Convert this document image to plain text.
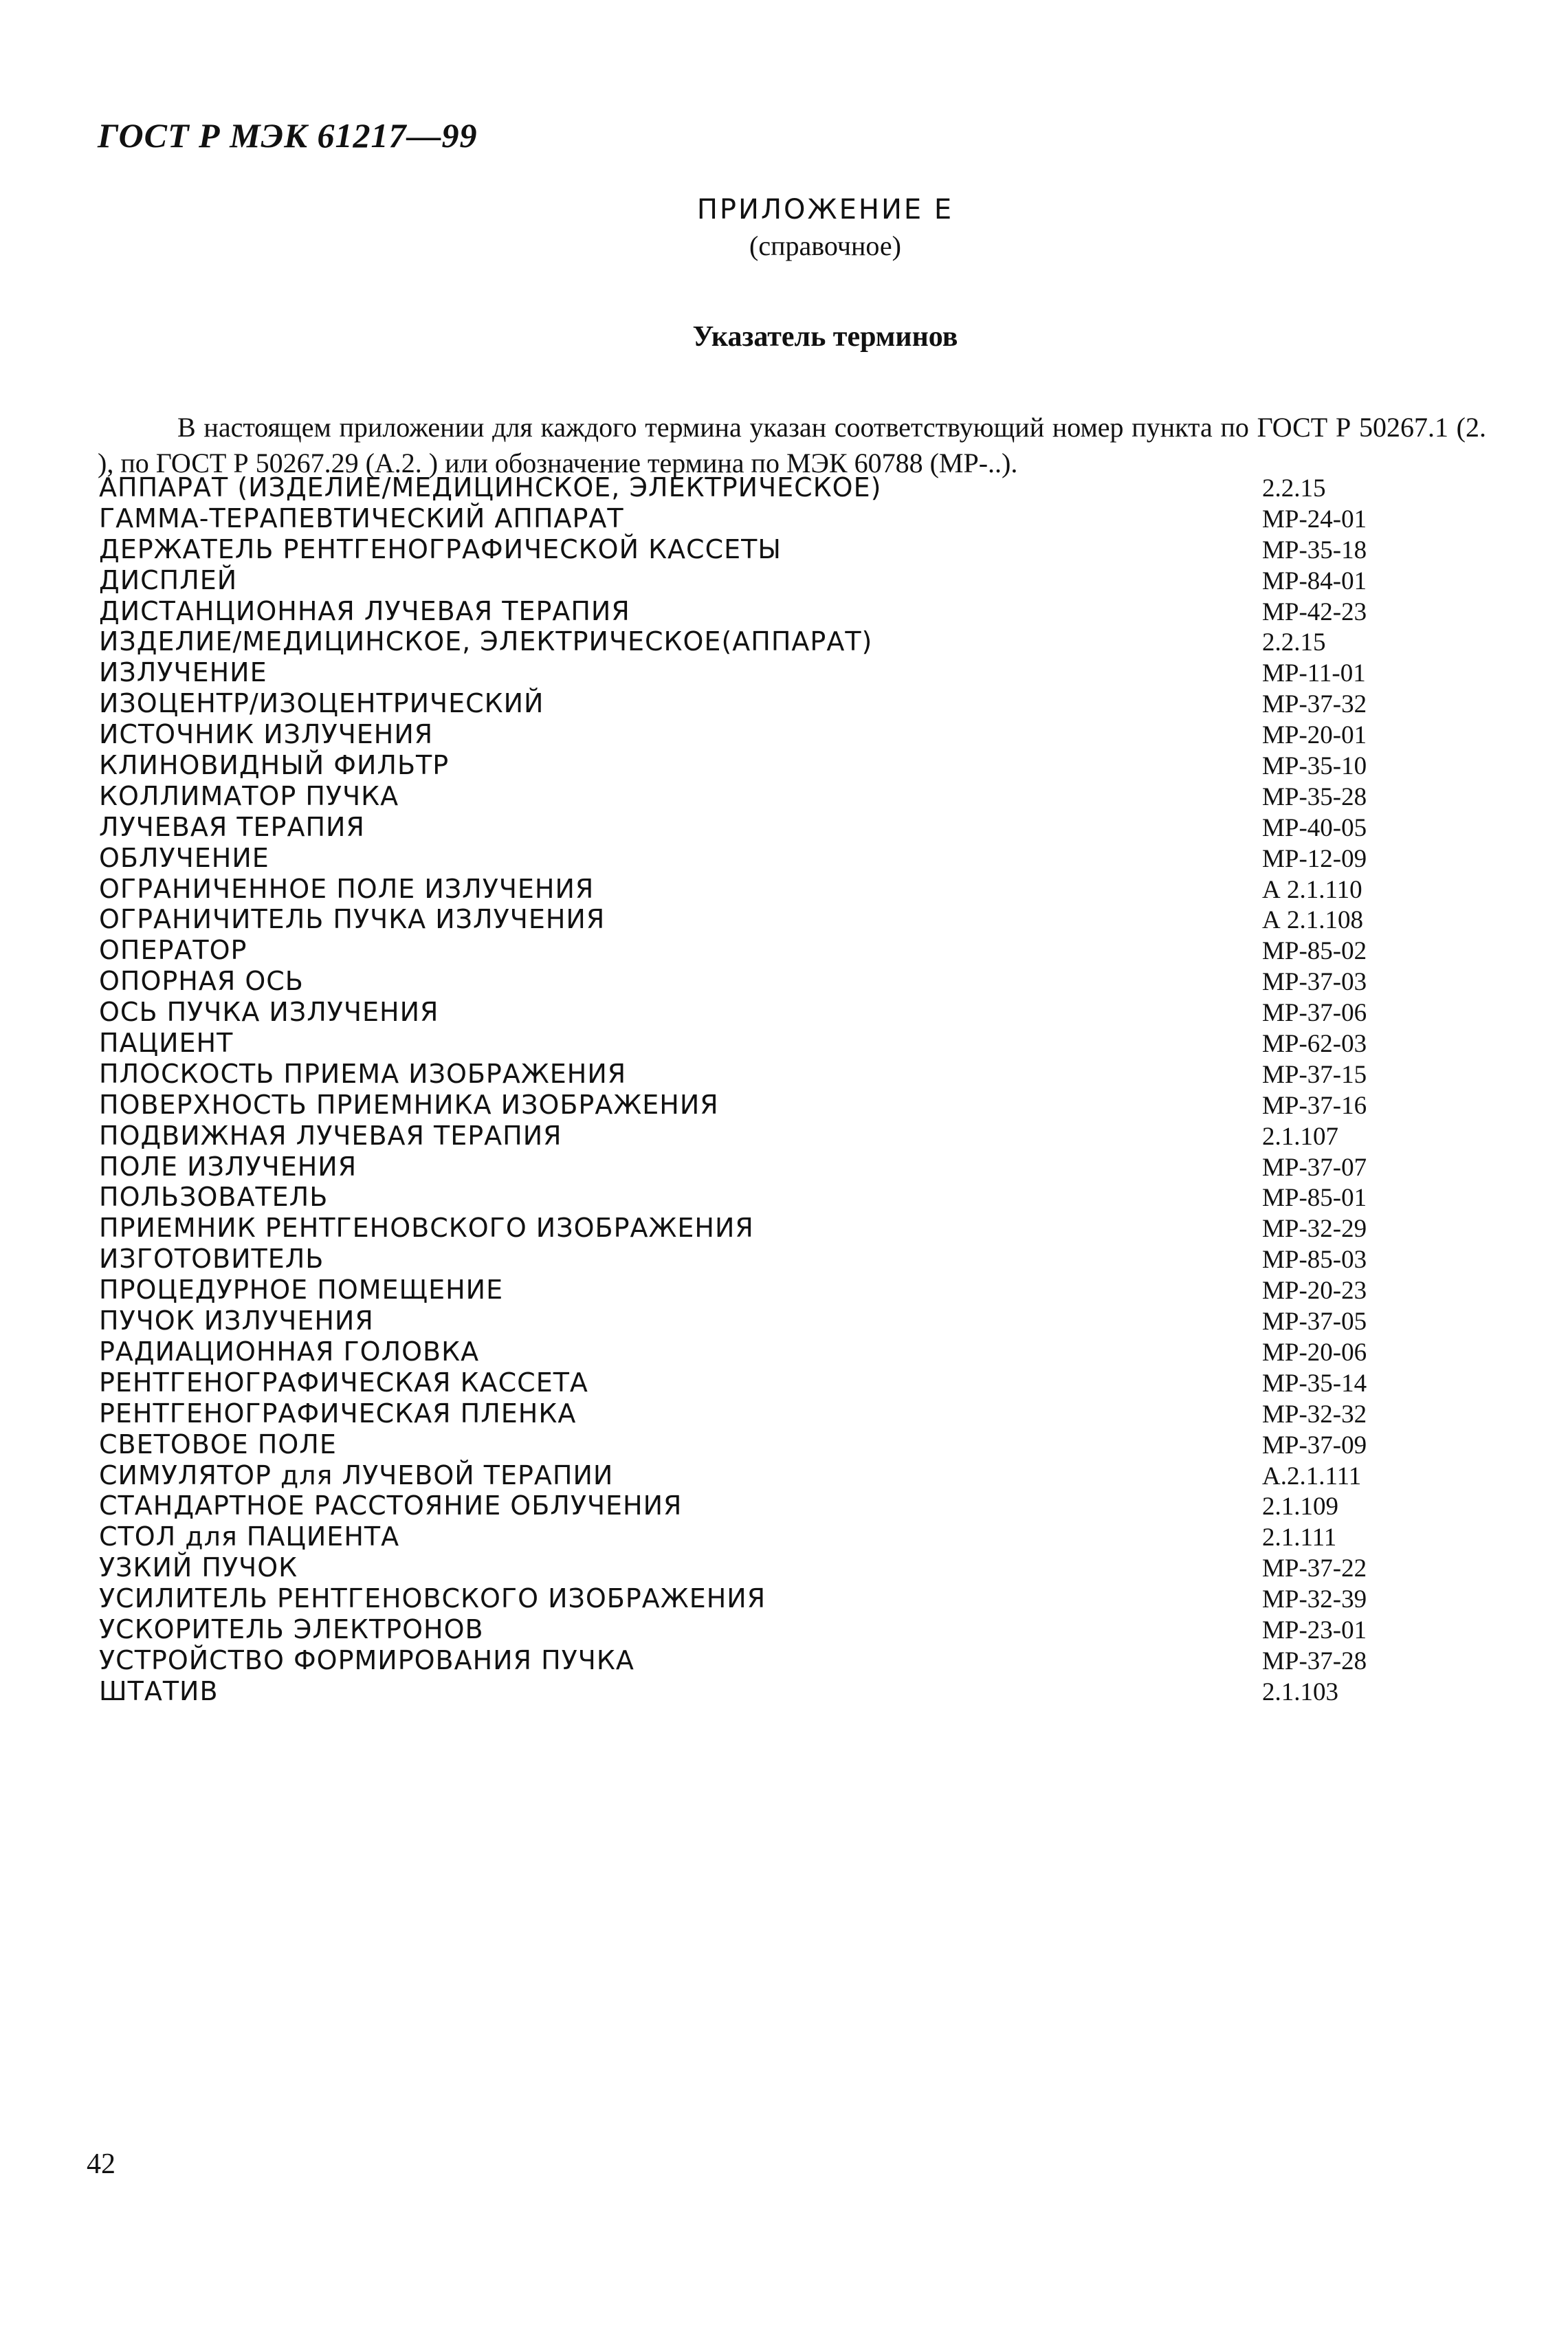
ГОСТ Р МЭК 61217—99
ПРИЛОЖЕНИЕ Е
(справочное)
Указатель терминов

В настоящем приложении для каждого термина указан соответствующий номер пункта по ГОСТ Р 50267.1 (2. ), по ГОСТ Р 50267.29 (А.2. ) или обозначение термина по МЭК 60788 (МР-..).

АППАРАТ (ИЗДЕЛИЕ/МЕДИЦИНСКОЕ, ЭЛЕКТРИЧЕСКОЕ)	2.2.15
ГАММА-ТЕРАПЕВТИЧЕСКИЙ АППАРАТ	МР-24-01
ДЕРЖАТЕЛЬ РЕНТГЕНОГРАФИЧЕСКОЙ КАССЕТЫ	МР-35-18
ДИСПЛЕЙ	МР-84-01
ДИСТАНЦИОННАЯ ЛУЧЕВАЯ ТЕРАПИЯ	МР-42-23
ИЗДЕЛИЕ/МЕДИЦИНСКОЕ, ЭЛЕКТРИЧЕСКОЕ(АППАРАТ)	2.2.15
ИЗЛУЧЕНИЕ	МР-11-01
ИЗОЦЕНТР/ИЗОЦЕНТРИЧЕСКИЙ	МР-37-32
ИСТОЧНИК ИЗЛУЧЕНИЯ	МР-20-01
КЛИНОВИДНЫЙ ФИЛЬТР	МР-35-10
КОЛЛИМАТОР ПУЧКА	МР-35-28
ЛУЧЕВАЯ ТЕРАПИЯ	МР-40-05
ОБЛУЧЕНИЕ	МР-12-09
ОГРАНИЧЕННОЕ ПОЛЕ ИЗЛУЧЕНИЯ	А 2.1.110
ОГРАНИЧИТЕЛЬ ПУЧКА ИЗЛУЧЕНИЯ	А 2.1.108
ОПЕРАТОР	МР-85-02
ОПОРНАЯ ОСЬ	МР-37-03
ОСЬ ПУЧКА ИЗЛУЧЕНИЯ	МР-37-06
ПАЦИЕНТ	МР-62-03
ПЛОСКОСТЬ ПРИЕМА ИЗОБРАЖЕНИЯ	МР-37-15
ПОВЕРХНОСТЬ ПРИЕМНИКА ИЗОБРАЖЕНИЯ	МР-37-16
ПОДВИЖНАЯ ЛУЧЕВАЯ ТЕРАПИЯ	2.1.107
ПОЛЕ ИЗЛУЧЕНИЯ	МР-37-07
ПОЛЬЗОВАТЕЛЬ	МР-85-01
ПРИЕМНИК РЕНТГЕНОВСКОГО ИЗОБРАЖЕНИЯ	МР-32-29
ИЗГОТОВИТЕЛЬ	МР-85-03
ПРОЦЕДУРНОЕ ПОМЕЩЕНИЕ	МР-20-23
ПУЧОК ИЗЛУЧЕНИЯ	МР-37-05
РАДИАЦИОННАЯ ГОЛОВКА	МР-20-06
РЕНТГЕНОГРАФИЧЕСКАЯ КАССЕТА	МР-35-14
РЕНТГЕНОГРАФИЧЕСКАЯ ПЛЕНКА	МР-32-32
СВЕТОВОЕ ПОЛЕ	МР-37-09
СИМУЛЯТОР для ЛУЧЕВОЙ ТЕРАПИИ	А.2.1.111
СТАНДАРТНОЕ РАССТОЯНИЕ ОБЛУЧЕНИЯ	2.1.109
СТОЛ для ПАЦИЕНТА	2.1.111
УЗКИЙ ПУЧОК	МР-37-22
УСИЛИТЕЛЬ РЕНТГЕНОВСКОГО ИЗОБРАЖЕНИЯ	МР-32-39
УСКОРИТЕЛЬ ЭЛЕКТРОНОВ	МР-23-01
УСТРОЙСТВО ФОРМИРОВАНИЯ ПУЧКА	МР-37-28
ШТАТИВ	2.1.103
42
